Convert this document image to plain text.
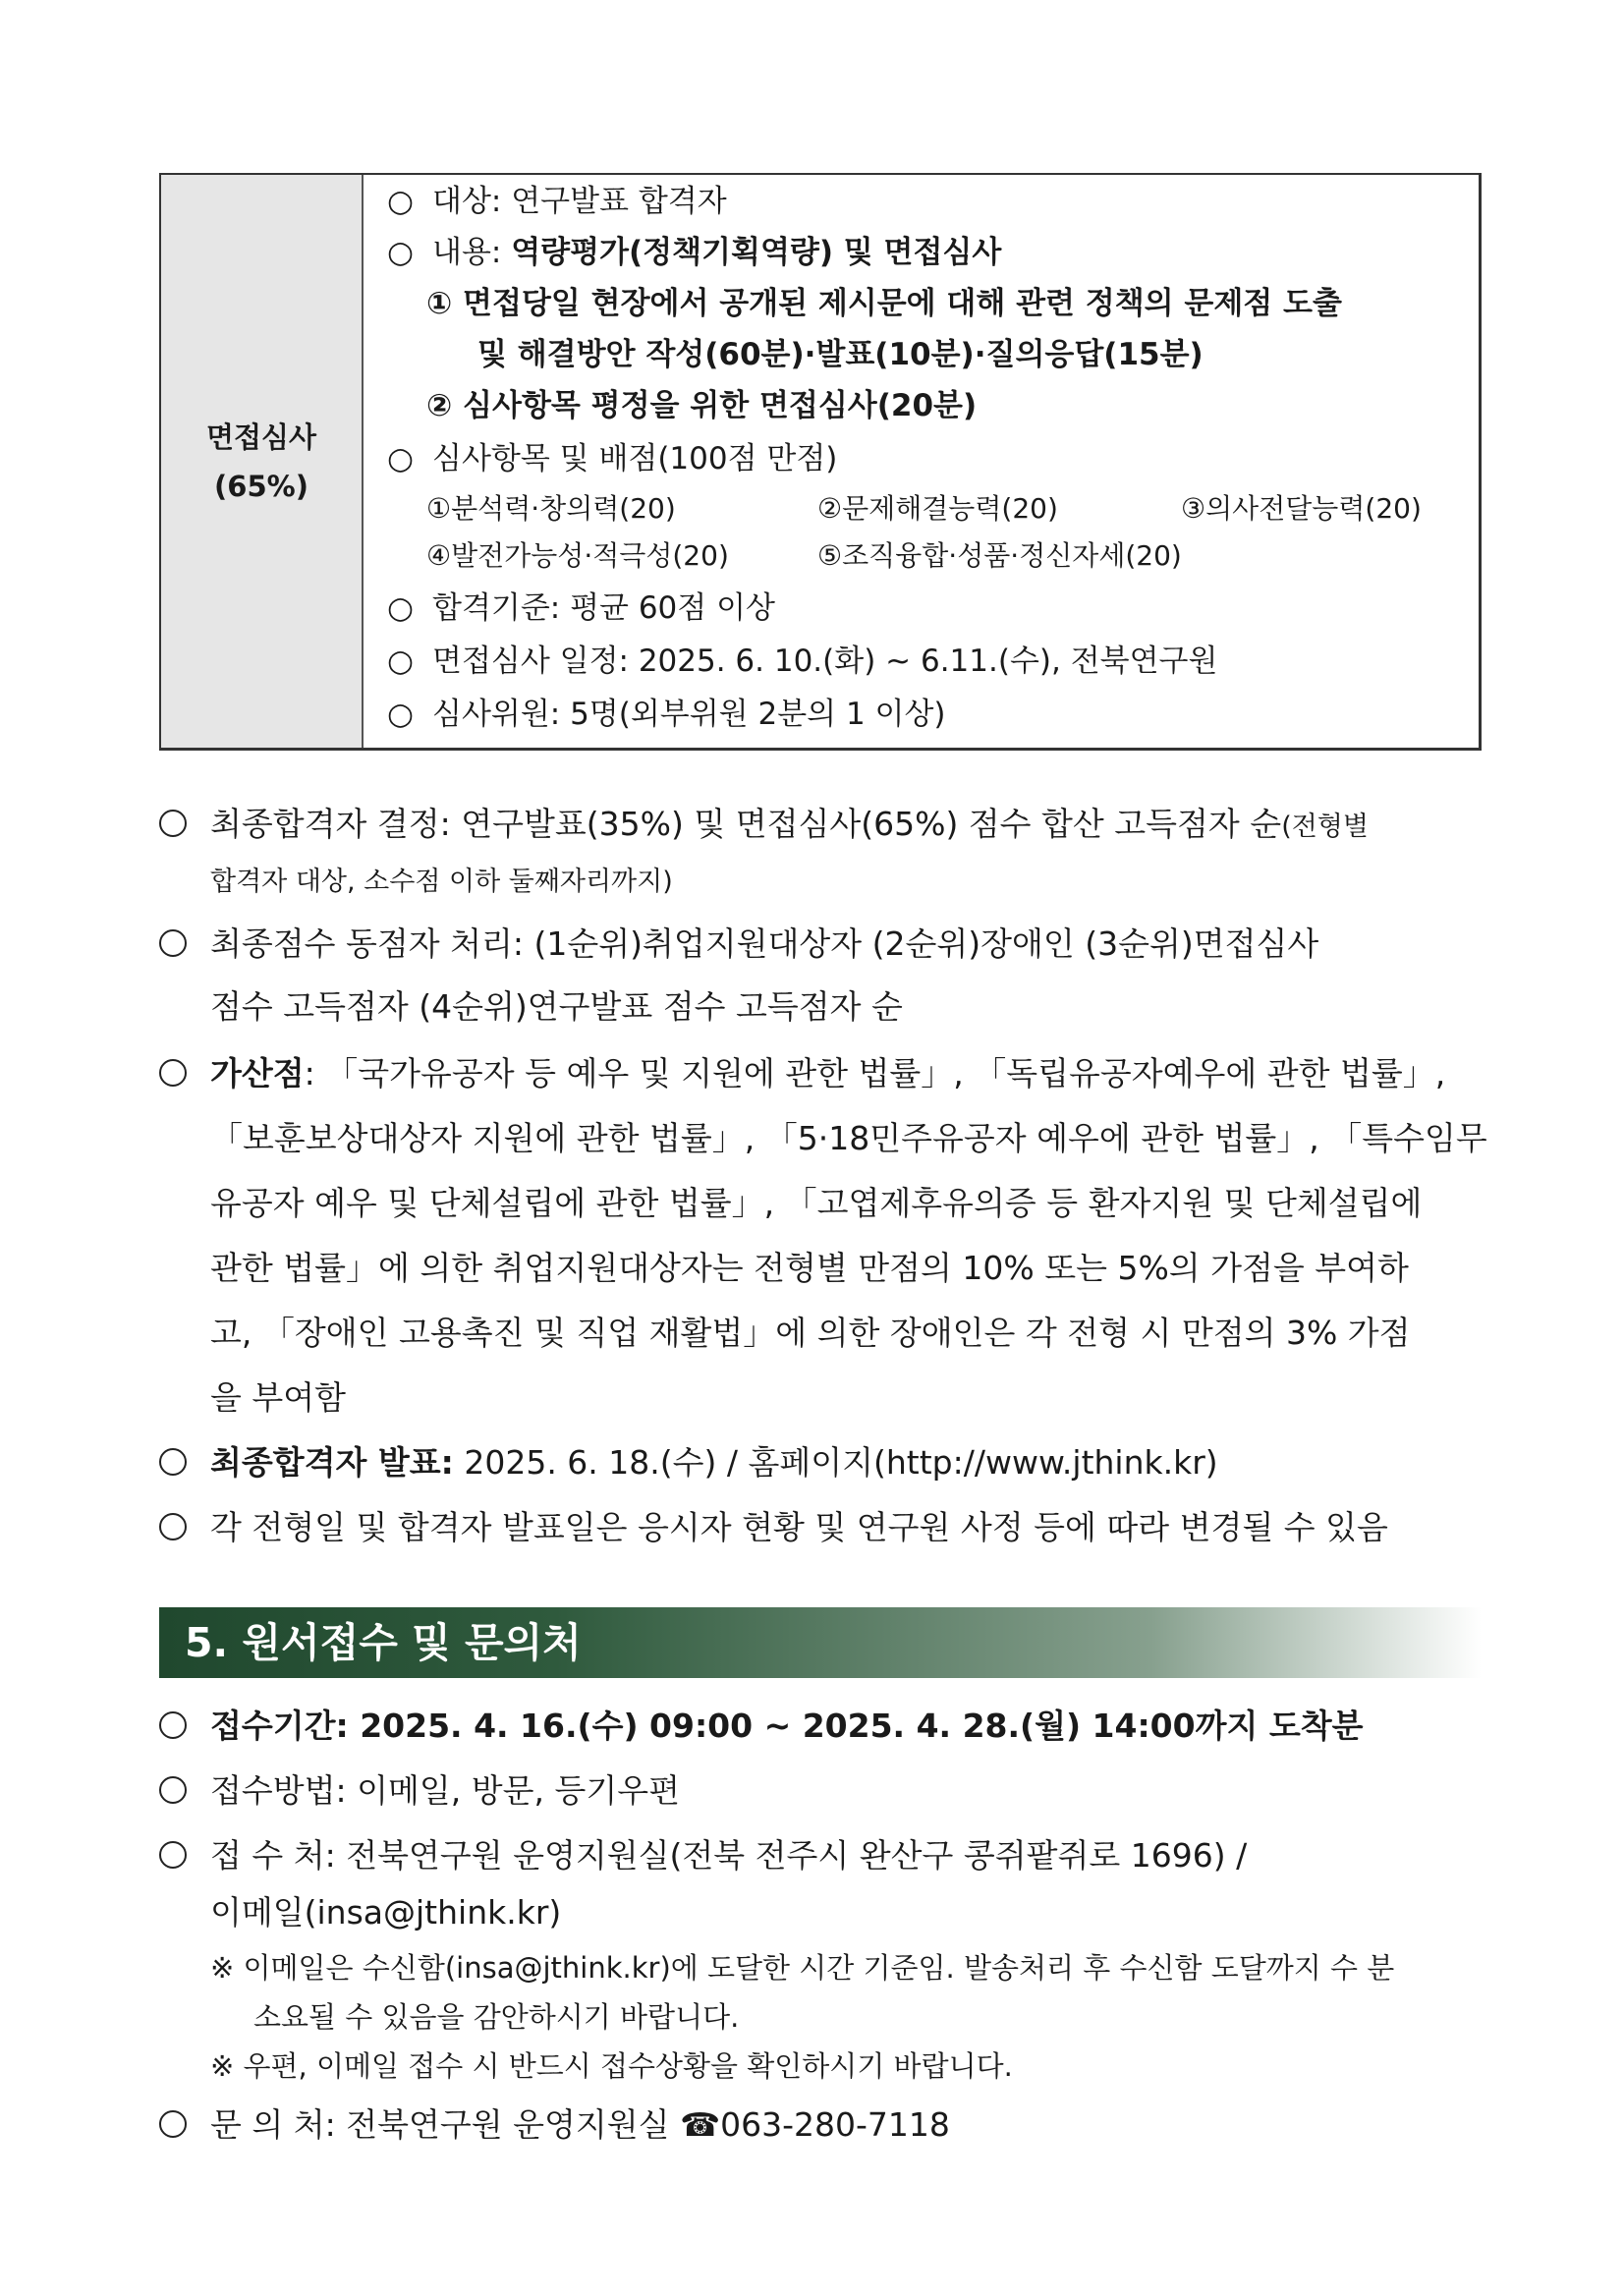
면접심사
(65%)
○ 대상: 연구발표 합격자
○ 내용: 역량평가(정책기획역량) 및 면접심사
① 면접당일 현장에서 공개된 제시문에 대해 관련 정책의 문제점 도출
및 해결방안 작성(60분)·발표(10분)·질의응답(15분)
② 심사항목 평정을 위한 면접심사(20분)
○ 심사항목 및 배점(100점 만점)
①분석력·창의력(20)	②문제해결능력(20)	③의사전달능력(20)
④발전가능성·적극성(20)	⑤조직융합·성품·정신자세(20)
○ 합격기준: 평균 60점 이상
○ 면접심사 일정: 2025. 6. 10.(화) ~ 6.11.(수), 전북연구원
○ 심사위원: 5명(외부위원 2분의 1 이상)
최종합격자 결정: 연구발표(35%) 및 면접심사(65%) 점수 합산 고득점자 순(전형별
합격자 대상, 소수점 이하 둘째자리까지)
최종점수 동점자 처리: (1순위)취업지원대상자 (2순위)장애인 (3순위)면접심사
점수 고득점자 (4순위)연구발표 점수 고득점자 순
가산점: 「국가유공자 등 예우 및 지원에 관한 법률」, 「독립유공자예우에 관한 법률」,
「보훈보상대상자 지원에 관한 법률」, 「5·18민주유공자 예우에 관한 법률」, 「특수임무
유공자 예우 및 단체설립에 관한 법률」, 「고엽제후유의증 등 환자지원 및 단체설립에
관한 법률」에 의한 취업지원대상자는 전형별 만점의 10% 또는 5%의 가점을 부여하
고, 「장애인 고용촉진 및 직업 재활법」에 의한 장애인은 각 전형 시 만점의 3% 가점
을 부여함
최종합격자 발표: 2025. 6. 18.(수) / 홈페이지(http://www.jthink.kr)
각 전형일 및 합격자 발표일은 응시자 현황 및 연구원 사정 등에 따라 변경될 수 있음
5. 원서접수 및 문의처
접수기간: 2025. 4. 16.(수) 09:00 ~ 2025. 4. 28.(월) 14:00까지 도착분
접수방법: 이메일, 방문, 등기우편
접 수 처: 전북연구원 운영지원실(전북 전주시 완산구 콩쥐팥쥐로 1696) /
이메일(insa@jthink.kr)
※ 이메일은 수신함(insa@jthink.kr)에 도달한 시간 기준임. 발송처리 후 수신함 도달까지 수 분
소요될 수 있음을 감안하시기 바랍니다.
※ 우편, 이메일 접수 시 반드시 접수상황을 확인하시기 바랍니다.
문 의 처: 전북연구원 운영지원실 ☎063-280-7118
